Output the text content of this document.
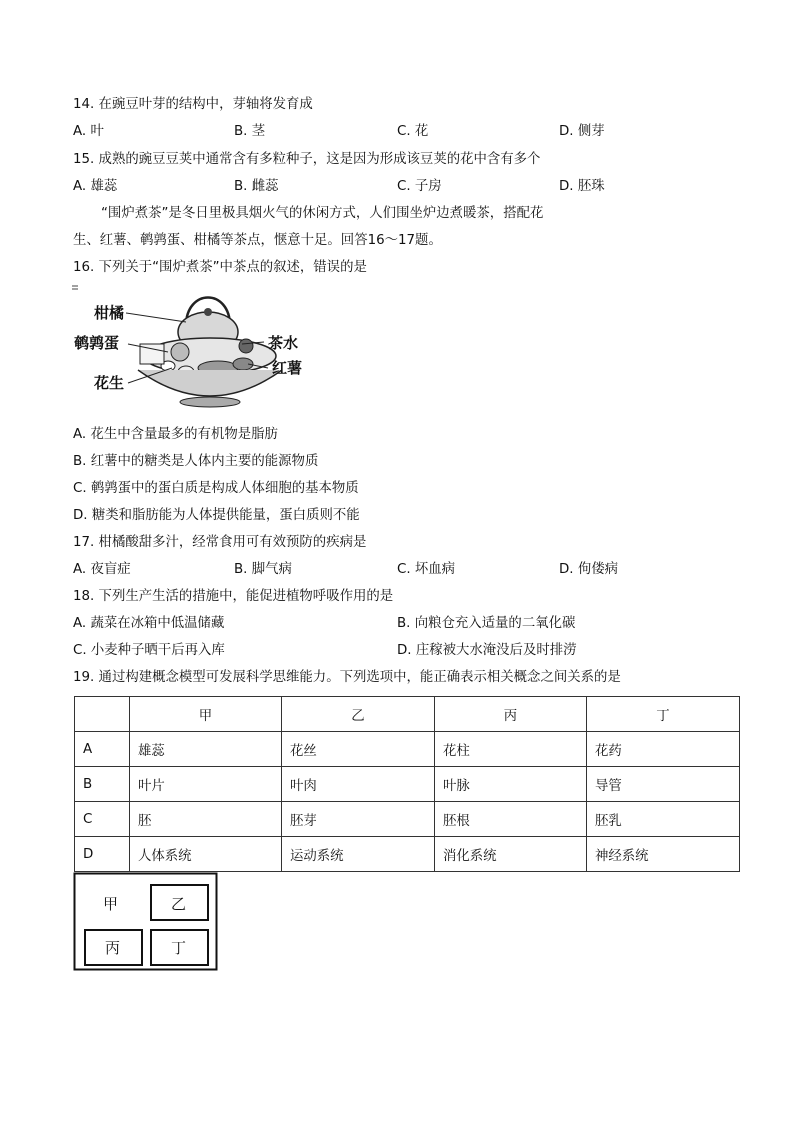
14. 在豌豆叶芽的结构中，芽轴将发育成
A. 叶	B. 茎	C. 花	D. 侧芽
15. 成熟的豌豆豆荚中通常含有多粒种子，这是因为形成该豆荚的花中含有多个
A. 雄蕊	B. 雌蕊	C. 子房	D. 胚珠
“围炉煮茶”是冬日里极具烟火气的休闲方式，人们围坐炉边煮暖茶，搭配花
生、红薯、鹌鹑蛋、柑橘等茶点，惬意十足。回答16～17题。
16. 下列关于“围炉煮茶”中茶点的叙述，错误的是
柑橘
鹌鹑蛋
花生
茶水
红薯
A. 花生中含量最多的有机物是脂肪
B. 红薯中的糖类是人体内主要的能源物质
C. 鹌鹑蛋中的蛋白质是构成人体细胞的基本物质
D. 糖类和脂肪能为人体提供能量，蛋白质则不能
17. 柑橘酸甜多汁，经常食用可有效预防的疾病是
A. 夜盲症	B. 脚气病	C. 坏血病	D. 佝偻病
18. 下列生产生活的措施中，能促进植物呼吸作用的是
A. 蔬菜在冰箱中低温储藏	B. 向粮仓充入适量的二氧化碳
C. 小麦种子晒干后再入库	D. 庄稼被大水淹没后及时排涝
19. 通过构建概念模型可发展科学思维能力。下列选项中，能正确表示相关概念之间关系的是
	甲	乙	丙	丁
A	雄蕊	花丝	花柱	花药
B	叶片	叶肉	叶脉	导管
C	胚	胚芽	胚根	胚乳
D	人体系统	运动系统	消化系统	神经系统
甲	乙
丙	丁
